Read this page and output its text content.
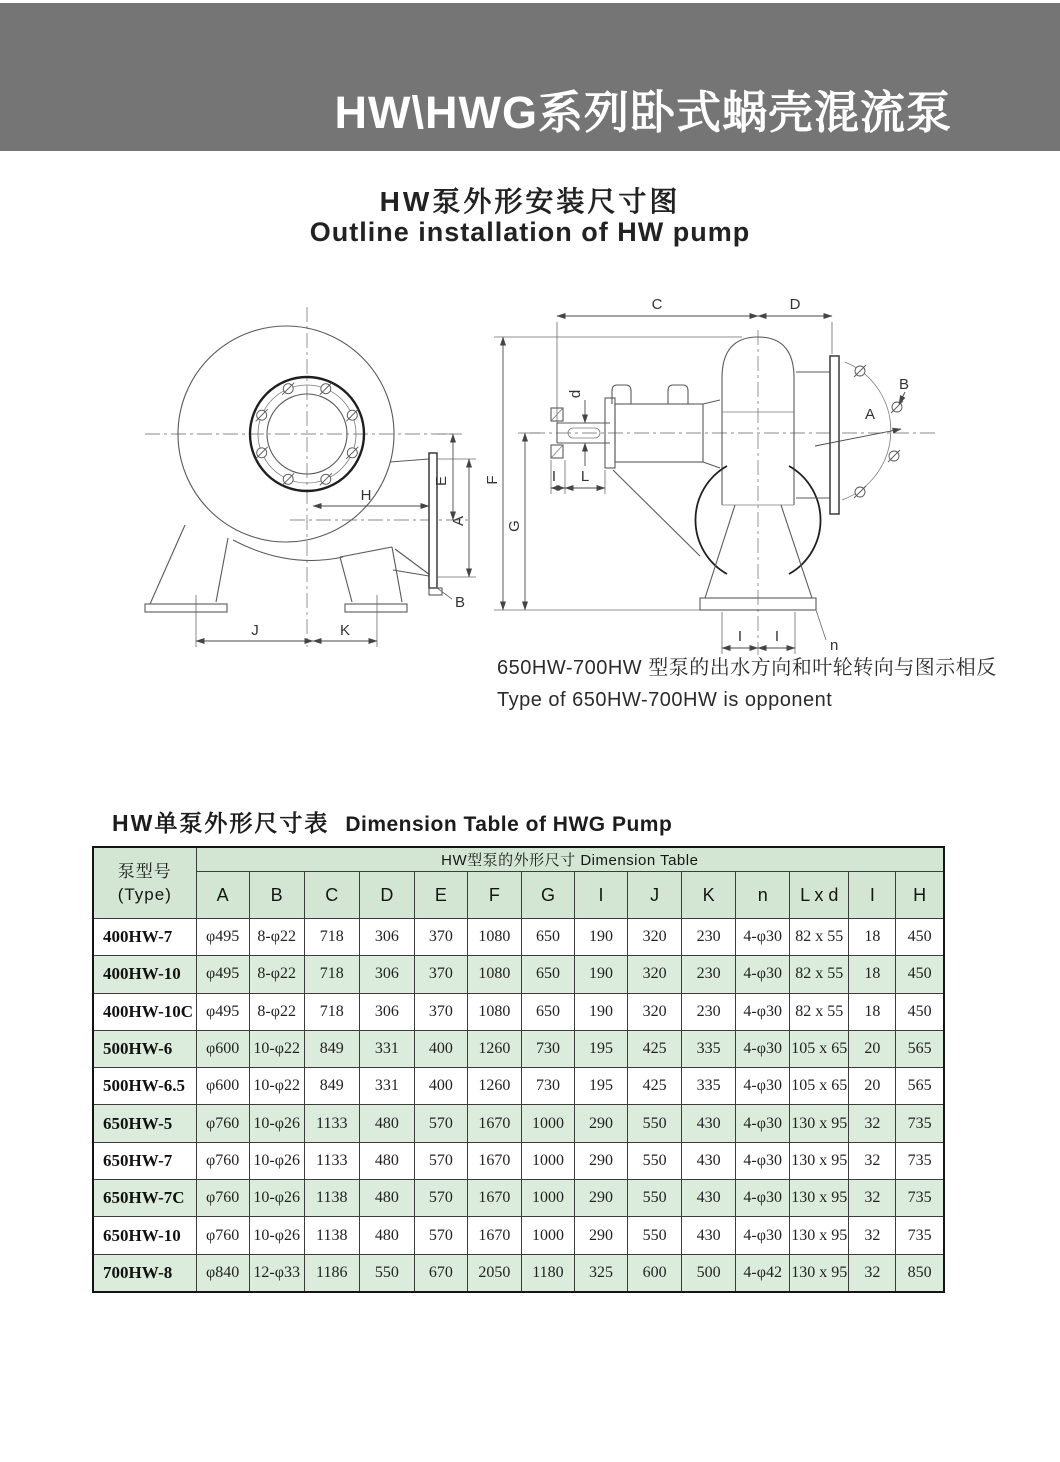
HW\HWG系列卧式蜗壳混流泵
HW泵外形安装尺寸图
Outline installation of HW pump
E
A
H
B
J	K
C	D
F
G
d
I L
A
B
I I
n

650HW-700HW 型泵的出水方向和叶轮转向与图示相反

Type of 650HW-700HW is opponent

HW单泵外形尺寸表 Dimension Table of HWG Pump
泵型号
(Type)	HW型泵的外形尺寸 Dimension Table													
	A	B	C	D	E	F	G	I	J	K	n	L x d	I	H
400HW-7	φ495	8-φ22	718	306	370	1080	650	190	320	230	4-φ30	82 x 55	18	450
400HW-10	φ495	8-φ22	718	306	370	1080	650	190	320	230	4-φ30	82 x 55	18	450
400HW-10C	φ495	8-φ22	718	306	370	1080	650	190	320	230	4-φ30	82 x 55	18	450
500HW-6	φ600	10-φ22	849	331	400	1260	730	195	425	335	4-φ30	105 x 65	20	565
500HW-6.5	φ600	10-φ22	849	331	400	1260	730	195	425	335	4-φ30	105 x 65	20	565
650HW-5	φ760	10-φ26	1133	480	570	1670	1000	290	550	430	4-φ30	130 x 95	32	735
650HW-7	φ760	10-φ26	1133	480	570	1670	1000	290	550	430	4-φ30	130 x 95	32	735
650HW-7C	φ760	10-φ26	1138	480	570	1670	1000	290	550	430	4-φ30	130 x 95	32	735
650HW-10	φ760	10-φ26	1138	480	570	1670	1000	290	550	430	4-φ30	130 x 95	32	735
700HW-8	φ840	12-φ33	1186	550	670	2050	1180	325	600	500	4-φ42	130 x 95	32	850
